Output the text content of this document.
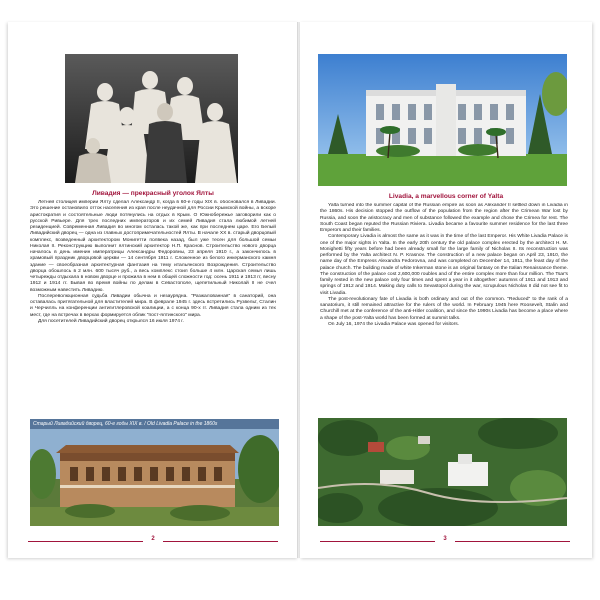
Ливадия — прекрасный уголок Ялты

Летней столицей империи Ялту сделал Александр II, когда в 60-е годы XIX в. обосновался в Ливадии. Это решение остановило отток населения из края после неудачной для России Крымской войны, а вскоре аристократия и состоятельные люди потянулись на отдых в Крым. О Южнобережье заговорили как о русской Ривьере. Для трех последних императоров и их семей Ливадия стала любимой летней резиденцией. Современная Ливадия во многом осталась такой же, как при последнем царе. Его Белый Ливадийский дворец — одна из главных достопримечательностей Ялты. В начале XX в. старый дворцовый комплекс, возведенный архитектором Монигетти полвека назад, был уже тесен для большой семьи Николая II. Реконструкцию выполнит ялтинский архитектор Н.П. Краснов. Строительство нового дворца началось в день именин императрицы Александры Федоровны, 23 апреля 1910 г., а закончилось в храмовый праздник дворцовой церкви — 14 сентября 1911 г. Сложенное из белого инкерманского камня здание — своеобразная архитектурная фантазия на тему итальянского Возрождения. Строительство дворца обошлось в 2 млн. 600 тысяч руб., а весь комплекс стоил больше 4 млн. Царская семья лишь четырежды отдыхала в новом дворце и прожила в нем в общей сложности год: осень 1911 и 1913 гг, весну 1912 и 1914 гг. Бывая во время войны по делам в Севастополе, щепетильный Николай II не счел возможным навестить Ливадию.

Послереволюционная судьба Ливадии обычна и незаурядна. "Разжалованная" в санаторий, она оставалась притягательной для властителей мира. В феврале 1945 г. здесь встретились Рузвельт, Сталин и Черчилль на конференции антигитлеровской коалиции, а с конца 90-х гг. Ливадия стала одним из тех мест, где на встречах в верхах формируется облик "пост-ялтинского" мира.

Для посетителей Ливадийский дворец открылся 16 июля 1974 г.

Старый Ливадийский дворец, 60-е годы XIX в. / Old Livadia Palace in the 1860s
2
Livadia, a marvellous corner of Yalta

Yalta turned into the summer capital of the Russian empire as soon as Alexander II settled down in Livadia in the 1860s. His decision stopped the outflow of the population from the region after the Crimean War lost by Russia, and soon the aristocracy and men of substance followed the example and chose the Crimea for rest. The South Coast began reputed the Russian Riviera. Livadia became a favourite summer residence for the last three Emperors and their families.

Contemporary Livadia is almost the same as it was in the time of the last Emperor. His White Livadia Palace is one of the major sights in Yalta. In the early 20th century the old palace complex erected by the architect H. M. Monighetti fifty years before had been already small for the large family of Nicholas II. Its reconstruction was performed by the Yalta architect N. P. Krasnov. The construction of a new palace began on April 23, 1910, the name day of the Empress Alexandra Fedorovna, and was completed on December 14, 1911, the feast day of the palace church. The building made of white Inkerman stone is an original fantasy on the Italian Renaissance theme. The construction of the palace cost 2,600,000 roubles and of the entire complex more than four million. The Tsar's family rested in the new palace only four times and spent a year in it altogether: autumns of 1911 and 1913 and springs of 1912 and 1914. Making duty calls to Sevastopol during the war, scrupulous Nicholas II did not see fit to visit Livadia.

The post-revolutionary fate of Livadia is both ordinary and out of the common. "Reduced" to the rank of a sanatorium, it still remained attractive for the rulers of the world. In February 1945 here Roosevelt, Stalin and Churchill met at the conference of the anti-Hitler coalition, and since the 1990s Livadia has become a place where a shape of the post-Yalta world has been formed at summit talks.

On July 16, 1974 the Livadia Palace was opened for visitors.

3
